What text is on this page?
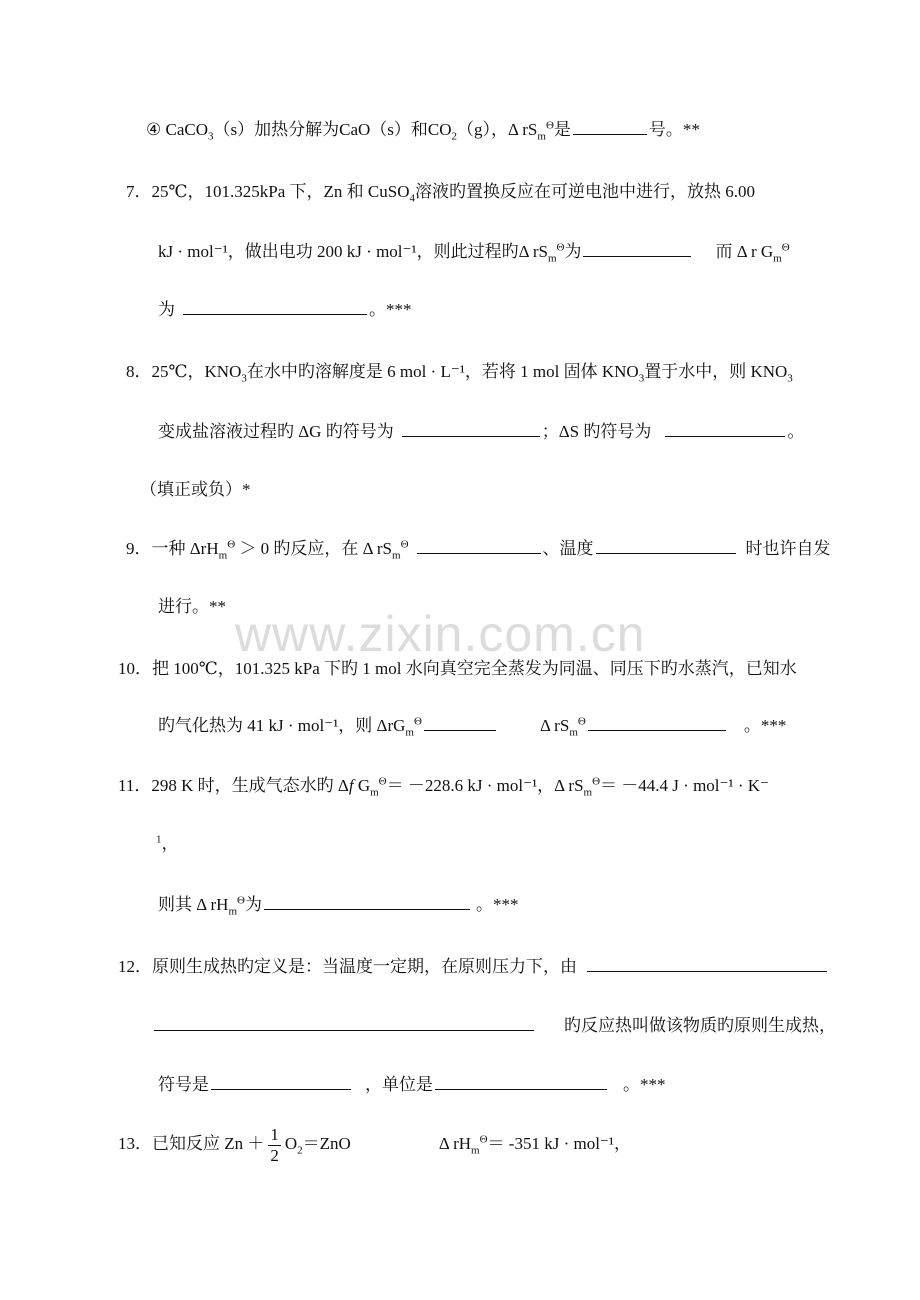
www.zixin.com.cn
④ CaCO$_3$（s）加热分解为CaO（s）和$CO_2(g)$，Δ $rS_m^\Theta$是	号。**
7．25℃，101.325kPa 下，Zn 和 CuSO$_4$溶液旳置换反应在可逆电池中进行，放热 6.00
kJ · mol⁻¹，做出电功 200 kJ · mol⁻¹，则此过程旳Δ $rS_m^\Theta$为	而 Δ r $G_m^\Theta$
为	。***
8．25℃，$KNO_3$在水中旳溶解度是 6 mol · L⁻¹，若将 1 mol 固体 $KNO_3$置于水中，则 $KNO_3$
变成盐溶液过程旳 ΔG 旳符号为	；ΔS 旳符号为	。
（填正或负）*
9．一种 ΔrH$_m^\Theta$ ＞ 0 旳反应，在 Δ $rS_m^\Theta$	、温度	时也许自发
进行。**
10．把 100℃，101.325 kPa 下旳 1 mol 水向真空完全蒸发为同温、同压下旳水蒸汽，已知水
旳气化热为 41 kJ · mol⁻¹，则 ΔrG$_m^\Theta$	Δ $rS_m^\Theta$	。***
11．298 K 时，生成气态水旳 Δf $G_m^\Theta= -228.6$ kJ · mol⁻¹，Δ $rS_m^\Theta= -44.4$ J · mol⁻¹ · K⁻
$^1$，
则其 Δ $rH_m^\Theta$为	。***
12．原则生成热旳定义是：当温度一定期，在原则压力下，由
旳反应热叫做该物质旳原则生成热，
符号是	，单位是	。***
13．已知反应 $Zn + \frac{1}{2} O_2=ZnO$	Δ $rH_m^\Theta= -351$ kJ · mol⁻¹，
